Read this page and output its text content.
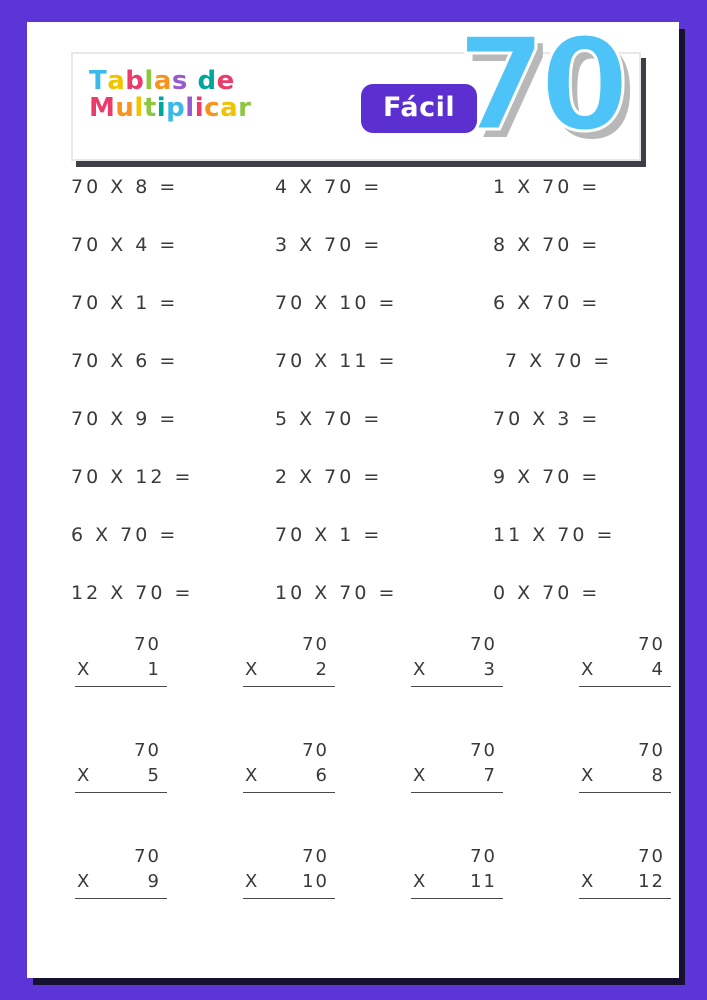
Tablas de
Multiplicar	Fácil 70
70 X 8 =	4 X 70 =	1 X 70 =
70 X 4 =	3 X 70 =	8 X 70 =
70 X 1 =	70 X 10 =	6 X 70 =
70 X 6 =	70 X 11 =	7 X 70 =
70 X 9 =	5 X 70 =	70 X 3 =
70 X 12 =	2 X 70 =	9 X 70 =
6 X 70 =	70 X 1 =	11 X 70 =
12 X 70 =	10 X 70 =	0 X 70 =
70
X	1
70
X	2
70
X	3
70
X	4
70
X	5
70
X	6
70
X	7
70
X	8
70
X	9
70
X 10
70
X 11
70
X 12
